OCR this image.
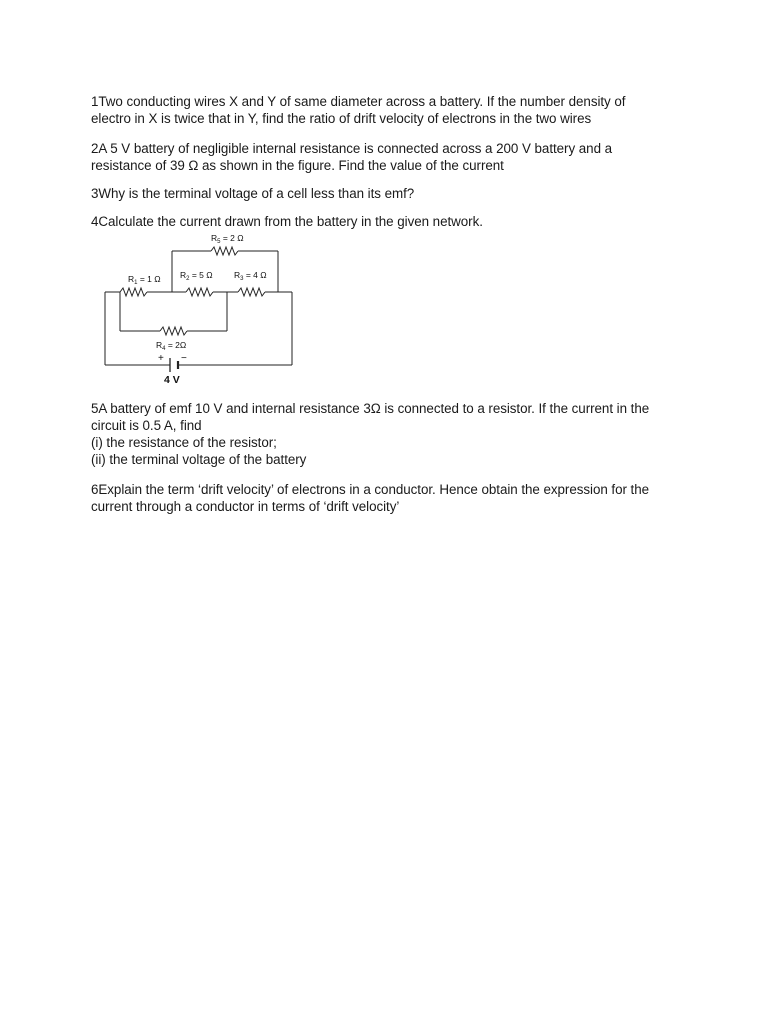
1Two conducting wires X and Y of same diameter across a battery. If the number density of
electro in X is twice that in Y, find the ratio of drift velocity of electrons in the two wires
2A 5 V battery of negligible internal resistance is connected across a 200 V battery and a
resistance of 39 Ω as shown in the figure. Find the value of the current
3Why is the terminal voltage of a cell less than its emf?
4Calculate the current drawn from the battery in the given network.
$R_5 = 2$ Ω
$R_1 = 1$ Ω $R_2 = 5$ Ω	$R_3 = 4$ Ω
$R_4 = 2\Omega$
+ −
4 V
5A battery of emf 10 V and internal resistance 3Ω is connected to a resistor. If the current in the
circuit is 0.5 A, find
(i) the resistance of the resistor;
(ii) the terminal voltage of the battery
6Explain the term ‘drift velocity’ of electrons in a conductor. Hence obtain the expression for the
current through a conductor in terms of ‘drift velocity’
